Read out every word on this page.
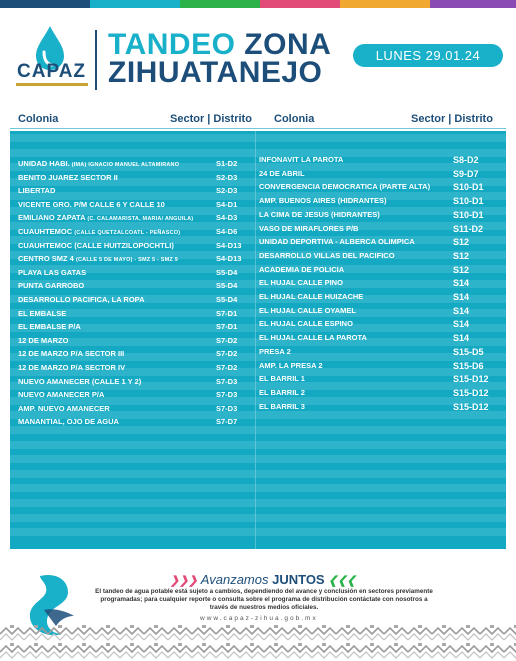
CAPAZ
TANDEO ZONA
ZIHUATANEJO
LUNES 29.01.24
Colonia	Sector | Distrito Colonia	Sector | Distrito
UNIDAD HABI. (IMA) IGNACIO MANUEL ALTAMIRANO	S1-D2
BENITO JUAREZ SECTOR II	S2-D3
LIBERTAD	S2-D3
VICENTE GRO. P/M CALLE 6 Y CALLE 10	S4-D1
EMILIANO ZAPATA (C. CALAMARISTA, MARIA/ ANGUILA)	S4-D3
CUAUHTEMOC (CALLE QUETZALCOATL - PEÑASCO)	S4-D6
CUAUHTEMOC (CALLE HUITZILOPOCHTLI)	S4-D13
CENTRO SMZ 4 (CALLE 5 DE MAYO) - SMZ 5 - SMZ 9	S4-D13
PLAYA LAS GATAS	S5-D4
PUNTA GARROBO	S5-D4
DESARROLLO PACIFICA, LA ROPA	S5-D4
EL EMBALSE	S7-D1
EL EMBALSE P/A	S7-D1
12 DE MARZO	S7-D2
12 DE MARZO P/A SECTOR III	S7-D2
12 DE MARZO P/A SECTOR IV	S7-D2
NUEVO AMANECER (CALLE 1 Y 2)	S7-D3
NUEVO AMANECER P/A	S7-D3
AMP. NUEVO AMANECER	S7-D3
MANANTIAL, OJO DE AGUA	S7-D7
INFONAVIT LA PAROTA	S8-D2
24 DE ABRIL	S9-D7
CONVERGENCIA DEMOCRATICA (PARTE ALTA)	S10-D1
AMP. BUENOS AIRES (HIDRANTES)	S10-D1
LA CIMA DE JESUS (HIDRANTES)	S10-D1
VASO DE MIRAFLORES P/B	S11-D2
UNIDAD DEPORTIVA - ALBERCA OLIMPICA	S12
DESARROLLO VILLAS DEL PACIFICO	S12
ACADEMIA DE POLICIA	S12
EL HUJAL CALLE PINO	S14
EL HUJAL CALLE HUIZACHE	S14
EL HUJAL CALLE OYAMEL	S14
EL HUJAL CALLE ESPINO	S14
EL HUJAL CALLE LA PAROTA	S14
PRESA 2	S15-D5
AMP. LA PRESA 2	S15-D6
EL BARRIL 1	S15-D12
EL BARRIL 2	S15-D12
EL BARRIL 3	S15-D12
❯❯❯ Avanzamos JUNTOS ❮❮❮
El tandeo de agua potable está sujeto a cambios, dependiendo del avance y conclusión en sectores previamente programadas; para cualquier reporte o consulta sobre el programa de distribución contáctate con nosotros a través de nuestros medios oficiales.
www.capaz-zihua.gob.mx
